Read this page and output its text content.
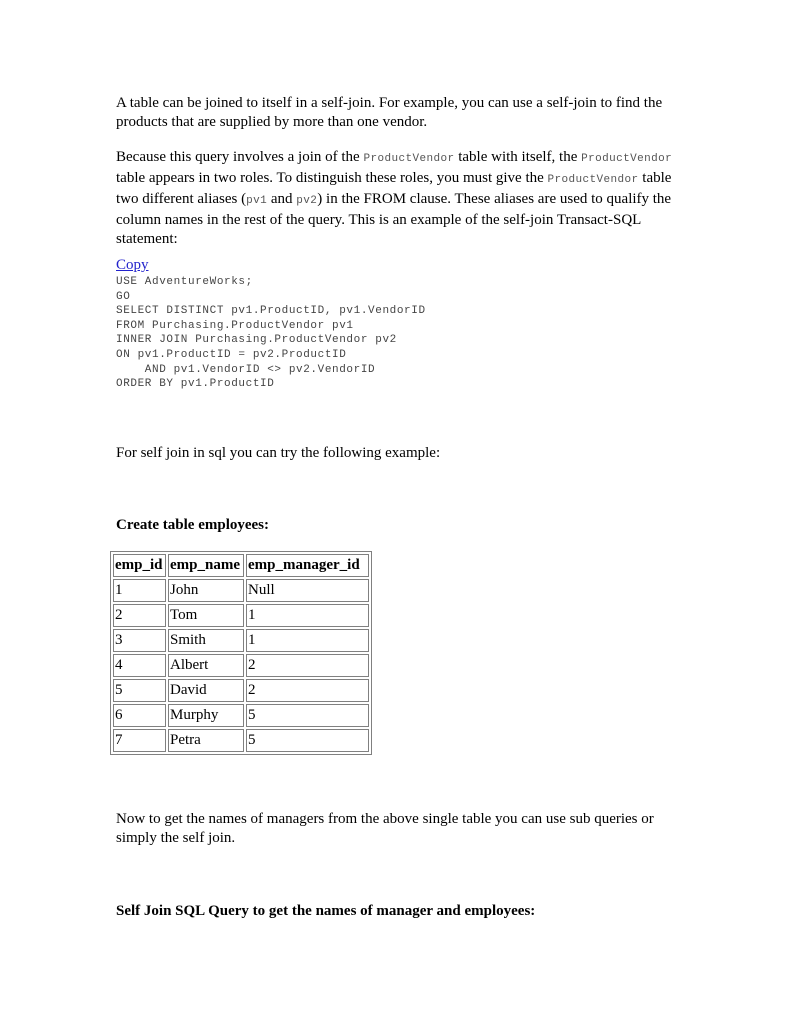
A table can be joined to itself in a self-join. For example, you can use a self-join to find the products that are supplied by more than one vendor.

Because this query involves a join of the ProductVendor table with itself, the ProductVendor table appears in two roles. To distinguish these roles, you must give the ProductVendor table two different aliases (pv1 and pv2) in the FROM clause. These aliases are used to qualify the column names in the rest of the query. This is an example of the self-join Transact-SQL statement:

Copy
USE AdventureWorks;
GO
SELECT DISTINCT pv1.ProductID, pv1.VendorID
FROM Purchasing.ProductVendor pv1
INNER JOIN Purchasing.ProductVendor pv2
ON pv1.ProductID = pv2.ProductID
AND pv1.VendorID <> pv2.VendorID
ORDER BY pv1.ProductID

For self join in sql you can try the following example:

Create table employees:

emp_id	emp_name	emp_manager_id
1	John	Null
2	Tom	1
3	Smith	1
4	Albert	2
5	David	2
6	Murphy	5
7	Petra	5

Now to get the names of managers from the above single table you can use sub queries or simply the self join.

Self Join SQL Query to get the names of manager and employees:
